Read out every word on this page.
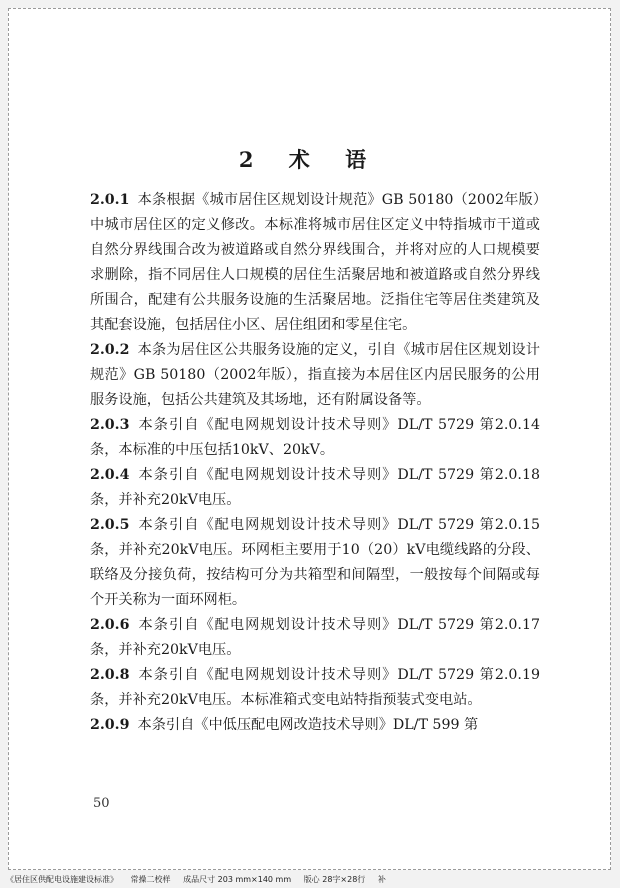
2 术 语

2.0.1 本条根据《城市居住区规划设计规范》GB 50180（2002年版）中城市居住区的定义修改。本标准将城市居住区定义中特指城市干道或自然分界线围合改为被道路或自然分界线围合，并将对应的人口规模要求删除，指不同居住人口规模的居住生活聚居地和被道路或自然分界线所围合，配建有公共服务设施的生活聚居地。泛指住宅等居住类建筑及其配套设施，包括居住小区、居住组团和零星住宅。

2.0.2 本条为居住区公共服务设施的定义，引自《城市居住区规划设计规范》GB 50180（2002年版），指直接为本居住区内居民服务的公用服务设施，包括公共建筑及其场地，还有附属设备等。

2.0.3 本条引自《配电网规划设计技术导则》DL/T 5729 第2.0.14条，本标准的中压包括10kV、20kV。

2.0.4 本条引自《配电网规划设计技术导则》DL/T 5729 第2.0.18条，并补充20kV电压。

2.0.5 本条引自《配电网规划设计技术导则》DL/T 5729 第2.0.15条，并补充20kV电压。环网柜主要用于10（20）kV电缆线路的分段、联络及分接负荷，按结构可分为共箱型和间隔型，一般按每个间隔或每个开关称为一面环网柜。

2.0.6 本条引自《配电网规划设计技术导则》DL/T 5729 第2.0.17条，并补充20kV电压。

2.0.8 本条引自《配电网规划设计技术导则》DL/T 5729 第2.0.19条，并补充20kV电压。本标准箱式变电站特指预装式变电站。

2.0.9 本条引自《中低压配电网改造技术导则》DL/T 599 第

50
《居住区供配电设施建设标准》 常操二校样 成品尺寸 203 mm×140 mm 版心 28字×28行 补
